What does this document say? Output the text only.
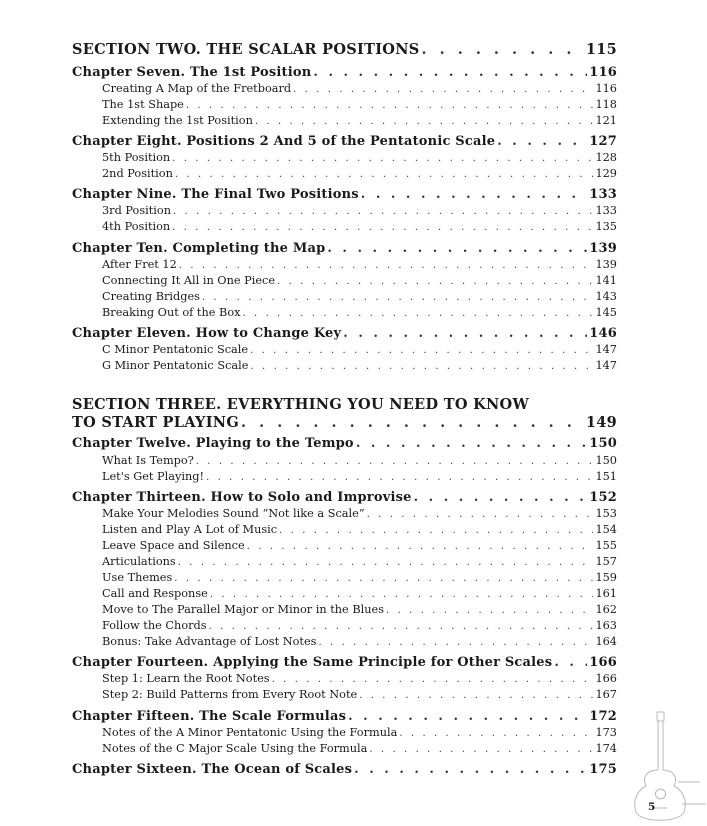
SECTION TWO. THE SCALAR POSITIONS . . .	115
Chapter Seven. The 1st Position . . .	116
Creating A Map of the Fretboard . . .	116
The 1st Shape . . .	118
Extending the 1st Position . . .	121
Chapter Eight. Positions 2 And 5 of the Pentatonic Scale . . .	127
5th Position . . .	128
2nd Position . . .	129
Chapter Nine. The Final Two Positions . . .	133
3rd Position . . .	133
4th Position . . .	135
Chapter Ten. Completing the Map . . .	139
After Fret 12 . . .	139
Connecting It All in One Piece . . .	141
Creating Bridges . . .	143
Breaking Out of the Box . . .	145
Chapter Eleven. How to Change Key . . .	146
C Minor Pentatonic Scale . . .	147
G Minor Pentatonic Scale . . .	147
SECTION THREE. EVERYTHING YOU NEED TO KNOW
TO START PLAYING . . .	149
Chapter Twelve. Playing to the Tempo . . .	150
What Is Tempo? . . .	150
Let's Get Playing! . . .	151
Chapter Thirteen. How to Solo and Improvise . . .	152
Make Your Melodies Sound “Not like a Scale” . . .	153
Listen and Play A Lot of Music . . .	154
Leave Space and Silence . . .	155
Articulations . . .	157
Use Themes . . .	159
Call and Response . . .	161
Move to The Parallel Major or Minor in the Blues . . .	162
Follow the Chords . . .	163
Bonus: Take Advantage of Lost Notes . . .	164
Chapter Fourteen. Applying the Same Principle for Other Scales . . .	166
Step 1: Learn the Root Notes . . .	166
Step 2: Build Patterns from Every Root Note . . .	167
Chapter Fifteen. The Scale Formulas . . .	172
Notes of the A Minor Pentatonic Using the Formula . . .	173
Notes of the C Major Scale Using the Formula . . .	174
Chapter Sixteen. The Ocean of Scales . . .	175
5
